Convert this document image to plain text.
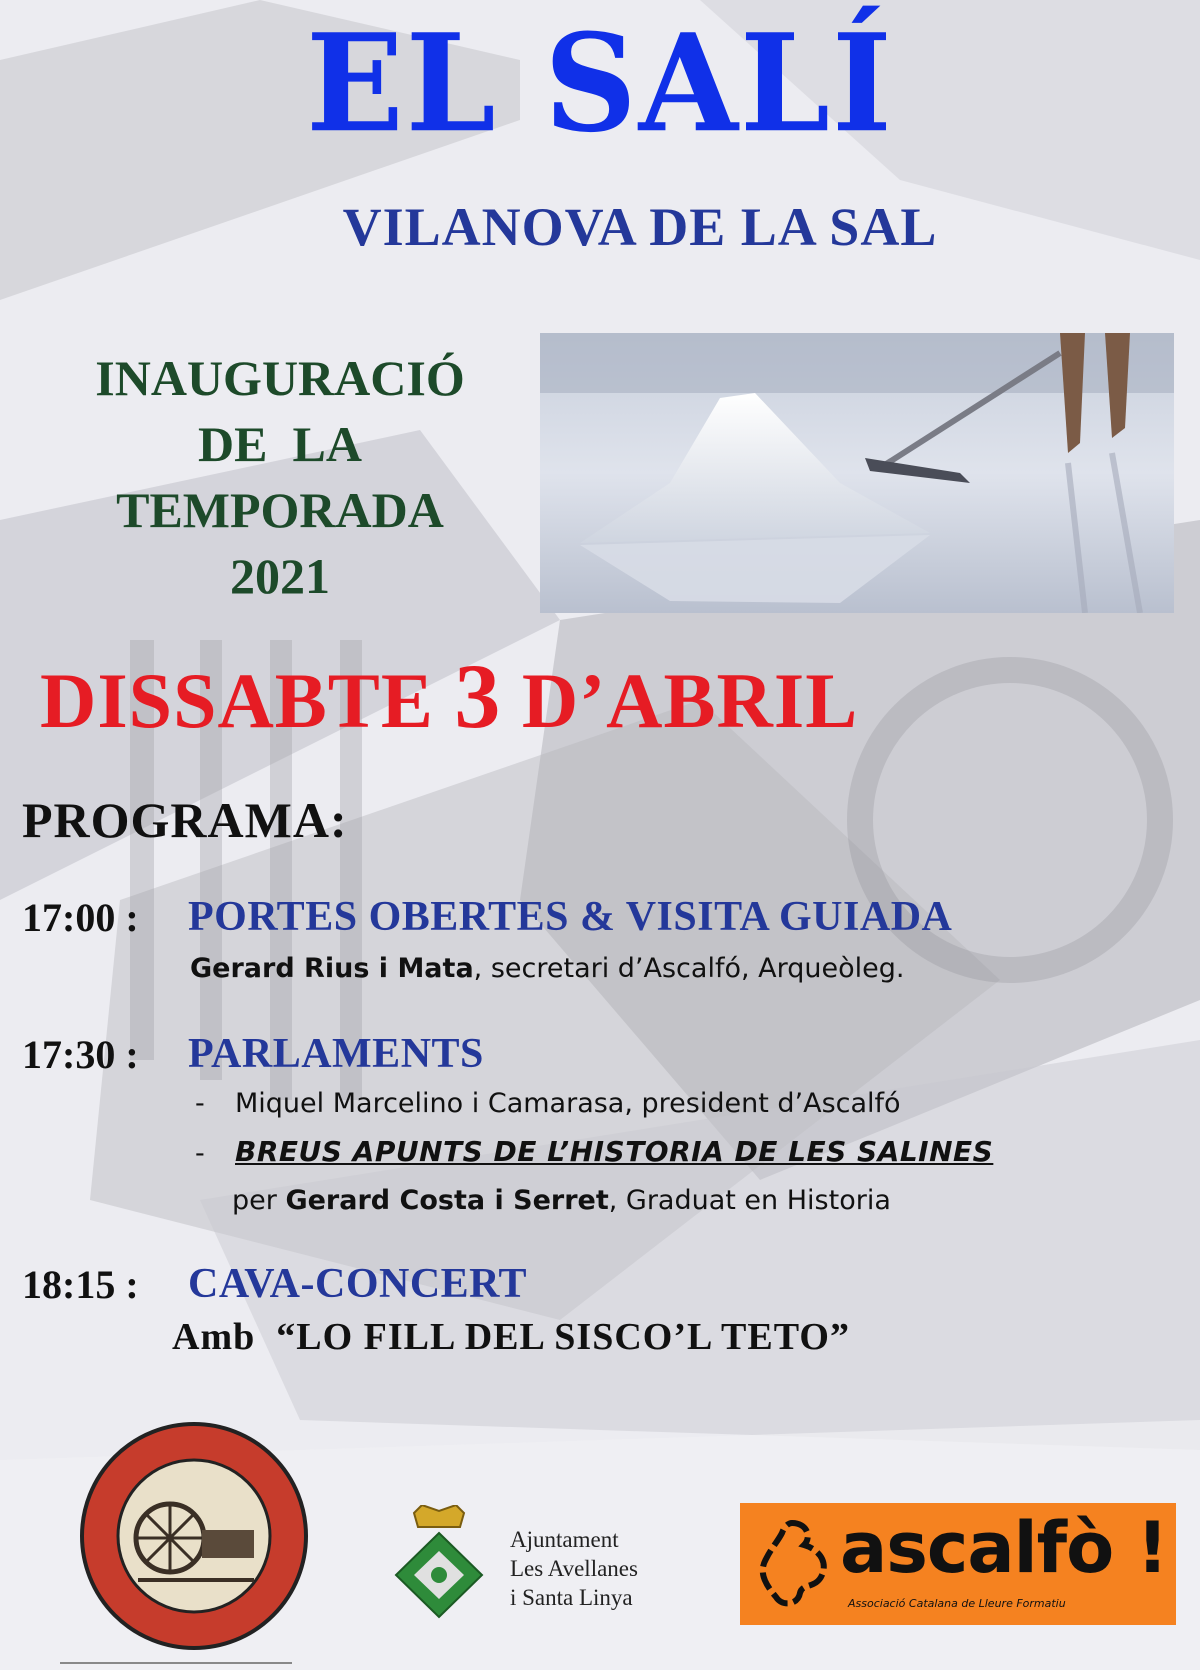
EL SALÍ
VILANOVA DE LA SAL
INAUGURACIÓ
DE  LA
TEMPORADA
2021
DISSABTE 3 D’ABRIL
PROGRAMA:
17:00 : PORTES OBERTES & VISITA GUIADA
Gerard Rius i Mata, secretari d’Ascalfó, Arqueòleg.
17:30 : PARLAMENTS
- Miquel Marcelino i Camarasa, president d’Ascalfó
- BREUS APUNTS DE L’HISTORIA DE LES SALINES
per Gerard Costa i Serret, Graduat en Historia
18:15 : CAVA-CONCERT
Amb  “LO FILL DEL SISCO’L TETO”
Ajuntament
Les Avellanes
i Santa Linya
ascalfò !
Associació Catalana de Lleure Formatiu
